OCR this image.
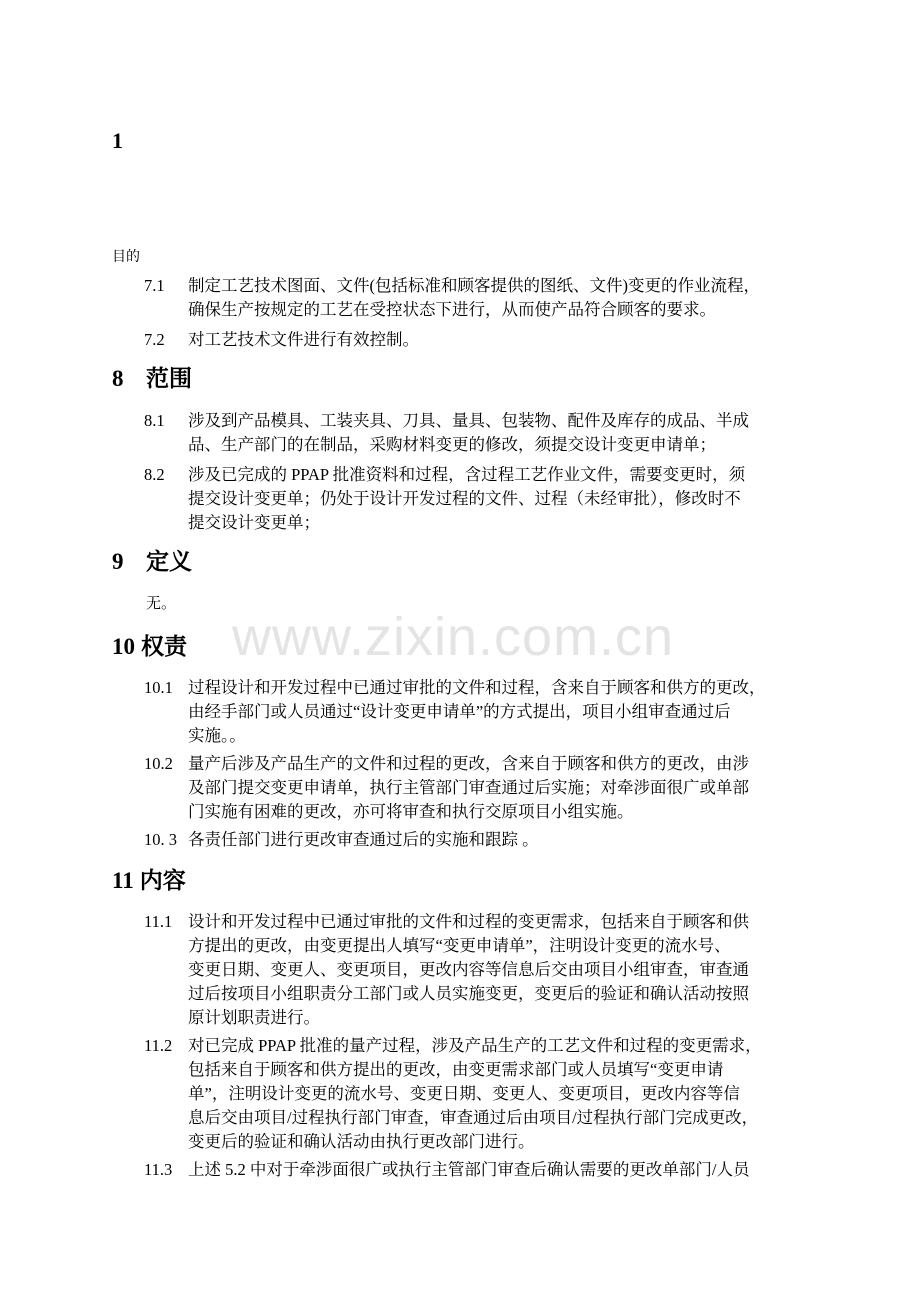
1
目的
7.1	制定工艺技术图面、文件(包括标准和顾客提供的图纸、文件)变更的作业流程，
确保生产按规定的工艺在受控状态下进行，从而使产品符合顾客的要求。
7.2	对工艺技术文件进行有效控制。
8 范围
8.1	涉及到产品模具、工装夹具、刀具、量具、包装物、配件及库存的成品、半成
品、生产部门的在制品，采购材料变更的修改，须提交设计变更申请单；
8.2	涉及已完成的 PPAP 批准资料和过程，含过程工艺作业文件，需要变更时，须
提交设计变更单；仍处于设计开发过程的文件、过程（未经审批），修改时不
提交设计变更单；
9 定义
无。
www.zixin.com.cn
10 权责
10.1 过程设计和开发过程中已通过审批的文件和过程，含来自于顾客和供方的更改，
由经手部门或人员通过“设计变更申请单”的方式提出，项目小组审查通过后
实施。。
10.2 量产后涉及产品生产的文件和过程的更改，含来自于顾客和供方的更改，由涉
及部门提交变更申请单，执行主管部门审查通过后实施；对牵涉面很广或单部
门实施有困难的更改，亦可将审查和执行交原项目小组实施。
10. 3 各责任部门进行更改审查通过后的实施和跟踪 。
11 内容
11.1 设计和开发过程中已通过审批的文件和过程的变更需求，包括来自于顾客和供
方提出的更改，由变更提出人填写“变更申请单”，注明设计变更的流水号、
变更日期、变更人、变更项目，更改内容等信息后交由项目小组审查，审查通
过后按项目小组职责分工部门或人员实施变更，变更后的验证和确认活动按照
原计划职责进行。
11.2 对已完成 PPAP 批准的量产过程，涉及产品生产的工艺文件和过程的变更需求，
包括来自于顾客和供方提出的更改，由变更需求部门或人员填写“变更申请
单”，注明设计变更的流水号、变更日期、变更人、变更项目，更改内容等信
息后交由项目/过程执行部门审查，审查通过后由项目/过程执行部门完成更改，
变更后的验证和确认活动由执行更改部门进行。
11.3 上述 5.2 中对于牵涉面很广或执行主管部门审查后确认需要的更改单部门/人员
